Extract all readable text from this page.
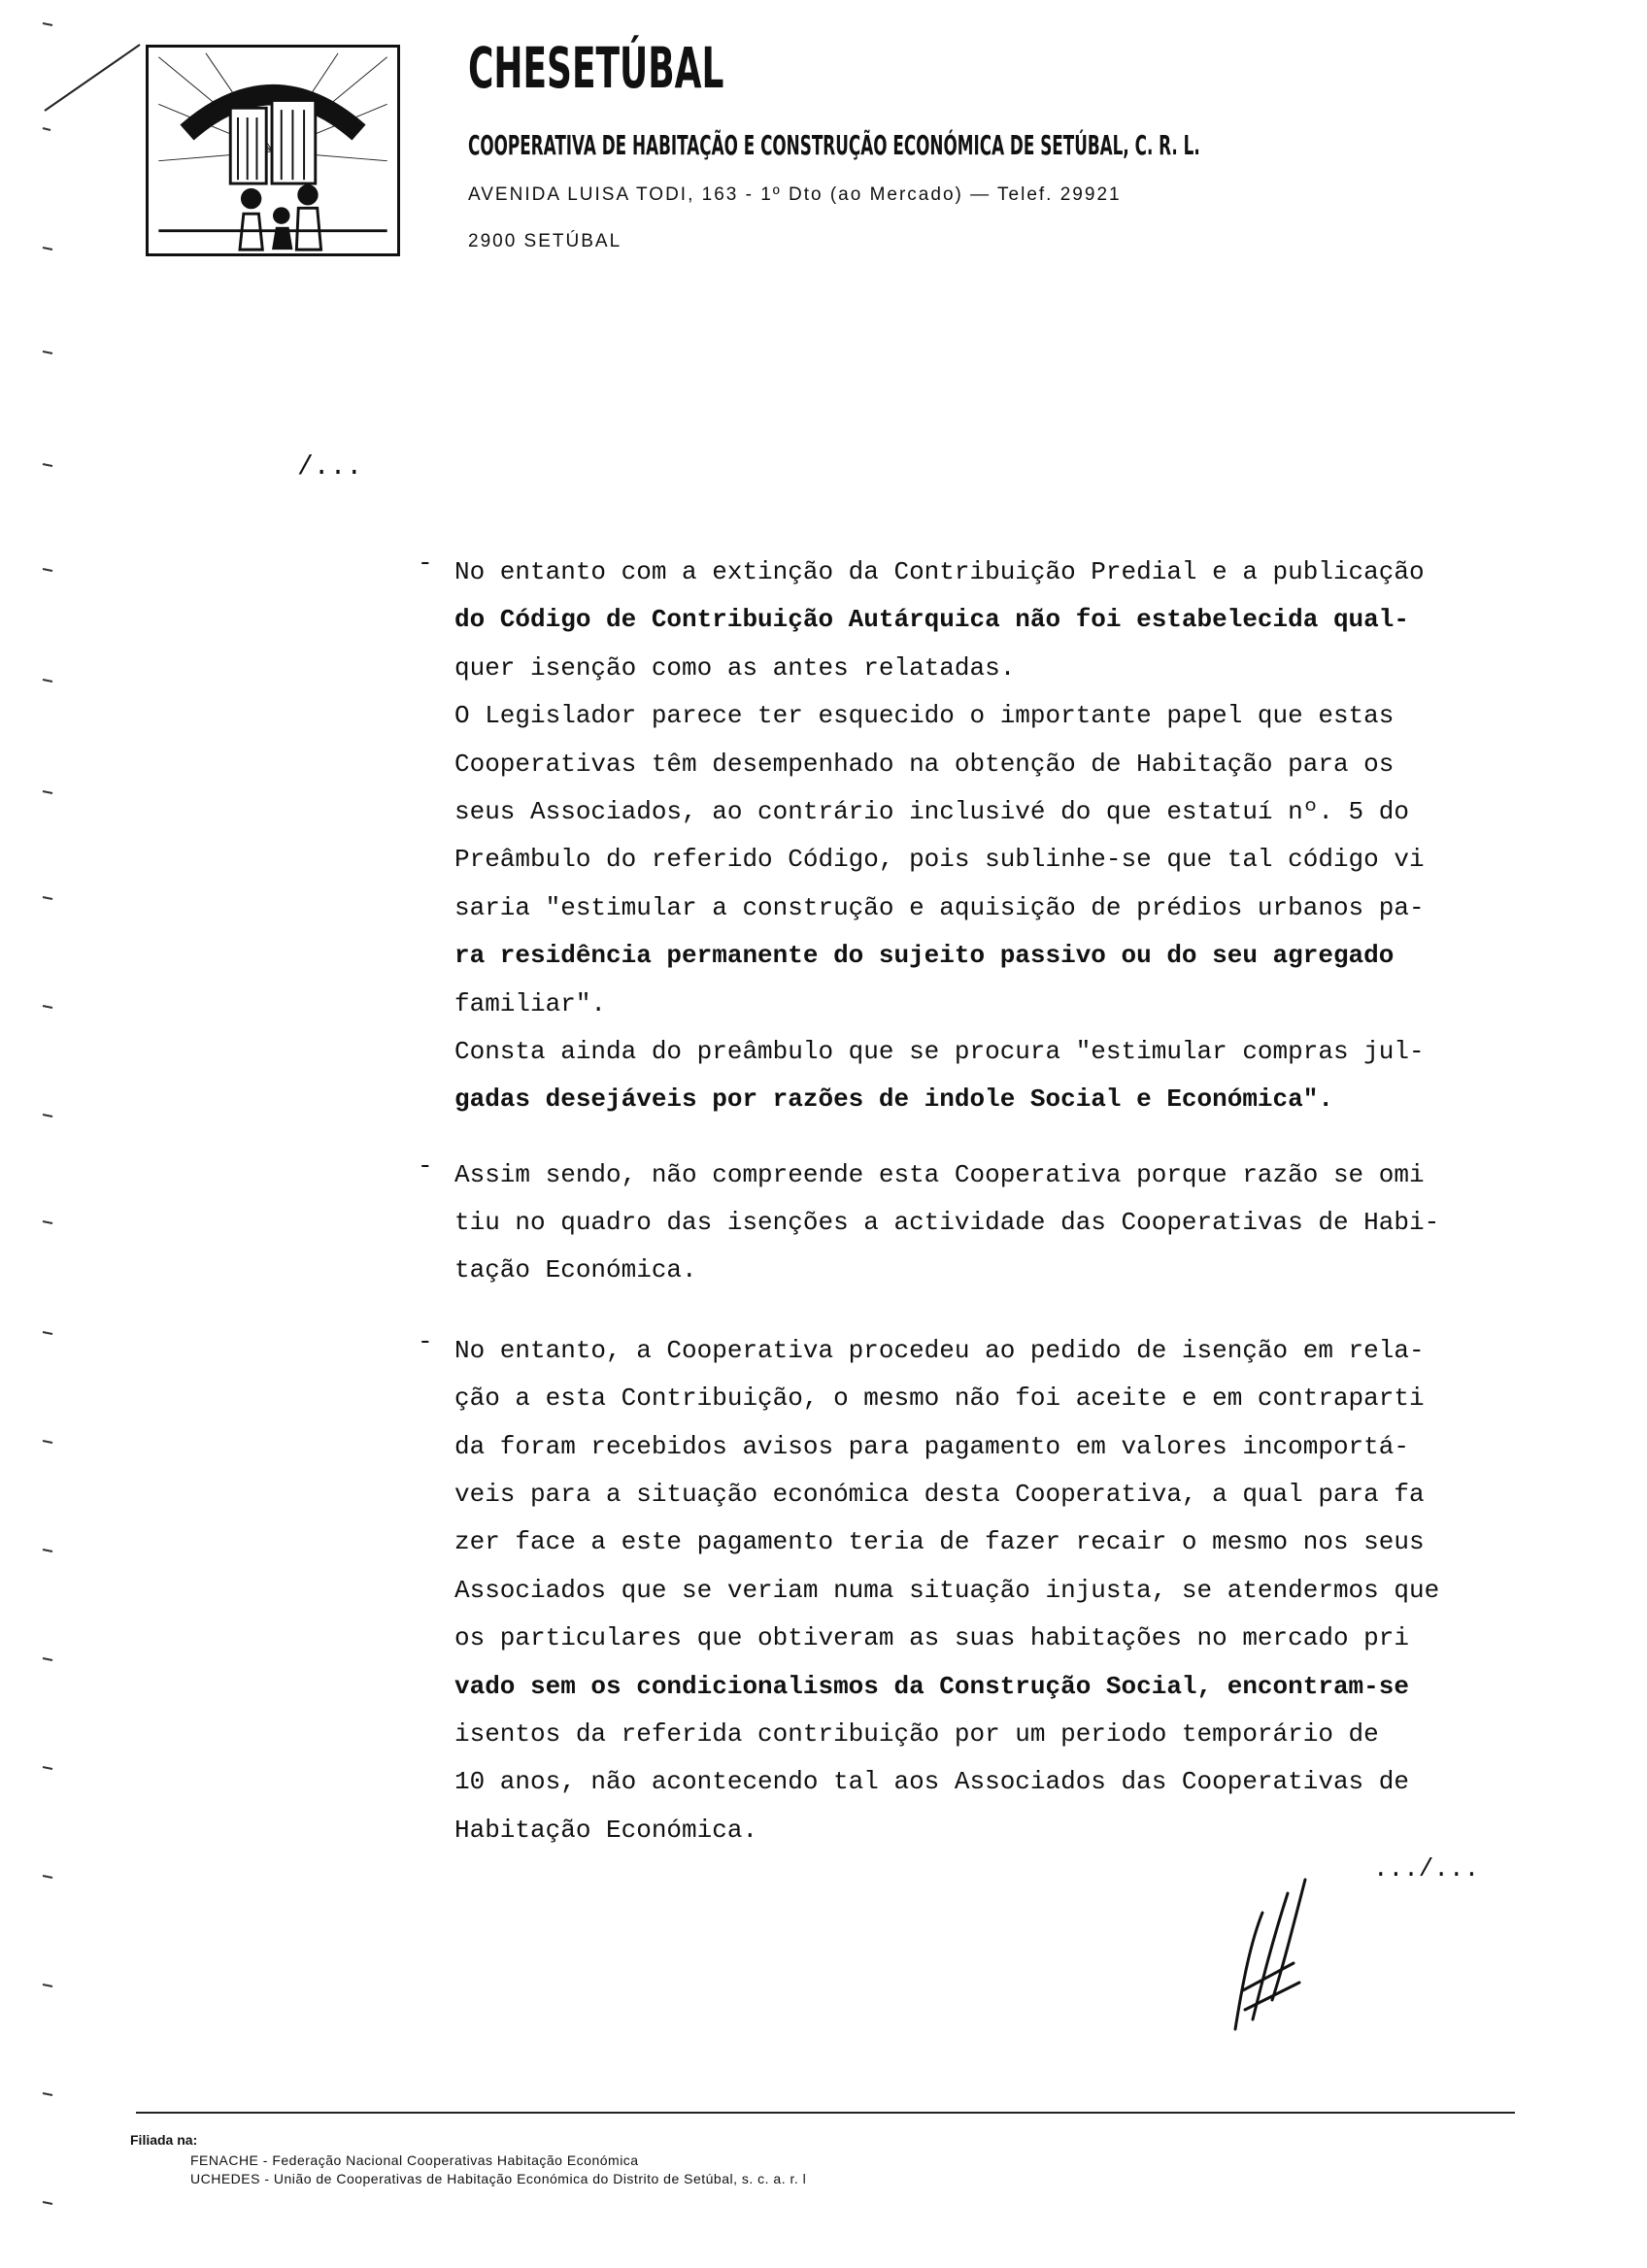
CHESETÚBAL
COOPERATIVA DE HABITAÇÃO E CONSTRUÇÃO ECONÓMICA DE SETÚBAL, C. R. L.
AVENIDA LUISA TODI, 163 - 1º Dto (ao Mercado) — Telef. 29921
2900 SETÚBAL
/...
- No entanto com a extinção da Contribuição Predial e a publicação
do Código de Contribuição Autárquica não foi estabelecida qual-
quer isenção como as antes relatadas.
O Legislador parece ter esquecido o importante papel que estas
Cooperativas têm desempenhado na obtenção de Habitação para os
seus Associados, ao contrário inclusivé do que estatuí nº. 5 do
Preâmbulo do referido Código, pois sublinhe-se que tal código vi
saria "estimular a construção e aquisição de prédios urbanos pa-
ra residência permanente do sujeito passivo ou do seu agregado
familiar".
Consta ainda do preâmbulo que se procura "estimular compras jul-
gadas desejáveis por razões de indole Social e Económica".
- Assim sendo, não compreende esta Cooperativa porque razão se omi
tiu no quadro das isenções a actividade das Cooperativas de Habi-
tação Económica.
- No entanto, a Cooperativa procedeu ao pedido de isenção em rela-
ção a esta Contribuição, o mesmo não foi aceite e em contraparti
da foram recebidos avisos para pagamento em valores incomportá-
veis para a situação económica desta Cooperativa, a qual para fa
zer face a este pagamento teria de fazer recair o mesmo nos seus
Associados que se veriam numa situação injusta, se atendermos que
os particulares que obtiveram as suas habitações no mercado pri
vado sem os condicionalismos da Construção Social, encontram-se
isentos da referida contribuição por um periodo temporário de
10 anos, não acontecendo tal aos Associados das Cooperativas de
Habitação Económica.
.../...
Filiada na:
FENACHE - Federação Nacional Cooperativas Habitação Económica
UCHEDES - União de Cooperativas de Habitação Económica do Distrito de Setúbal, s. c. a. r. l
